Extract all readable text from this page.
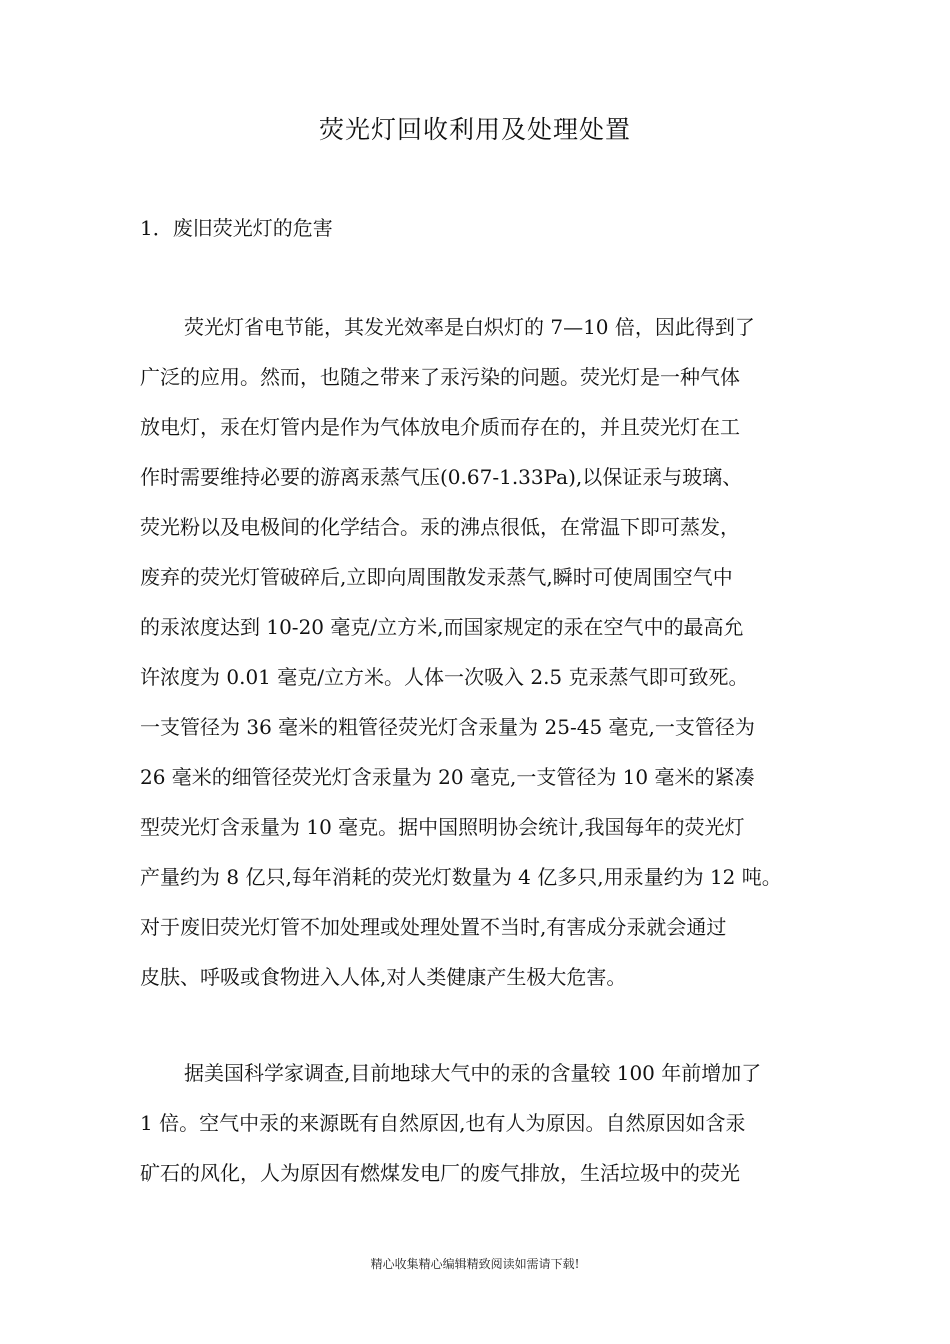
荧光灯回收利用及处理处置
1．废旧荧光灯的危害
荧光灯省电节能，其发光效率是白炽灯的 7—10 倍，因此得到了
广泛的应用。然而，也随之带来了汞污染的问题。荧光灯是一种气体
放电灯，汞在灯管内是作为气体放电介质而存在的，并且荧光灯在工
作时需要维持必要的游离汞蒸气压(0.67-1.33Pa),以保证汞与玻璃、
荧光粉以及电极间的化学结合。汞的沸点很低，在常温下即可蒸发，
废弃的荧光灯管破碎后,立即向周围散发汞蒸气,瞬时可使周围空气中
的汞浓度达到 10-20 毫克/立方米,而国家规定的汞在空气中的最高允
许浓度为 0.01 毫克/立方米。人体一次吸入 2.5 克汞蒸气即可致死。
一支管径为 36 毫米的粗管径荧光灯含汞量为 25-45 毫克,一支管径为
26 毫米的细管径荧光灯含汞量为 20 毫克,一支管径为 10 毫米的紧凑
型荧光灯含汞量为 10 毫克。据中国照明协会统计,我国每年的荧光灯
产量约为 8 亿只,每年消耗的荧光灯数量为 4 亿多只,用汞量约为 12 吨。
对于废旧荧光灯管不加处理或处理处置不当时,有害成分汞就会通过
皮肤、呼吸或食物进入人体,对人类健康产生极大危害。
据美国科学家调查,目前地球大气中的汞的含量较 100 年前增加了
1 倍。空气中汞的来源既有自然原因,也有人为原因。自然原因如含汞
矿石的风化，人为原因有燃煤发电厂的废气排放，生活垃圾中的荧光
精心收集精心编辑精致阅读如需请下载!
